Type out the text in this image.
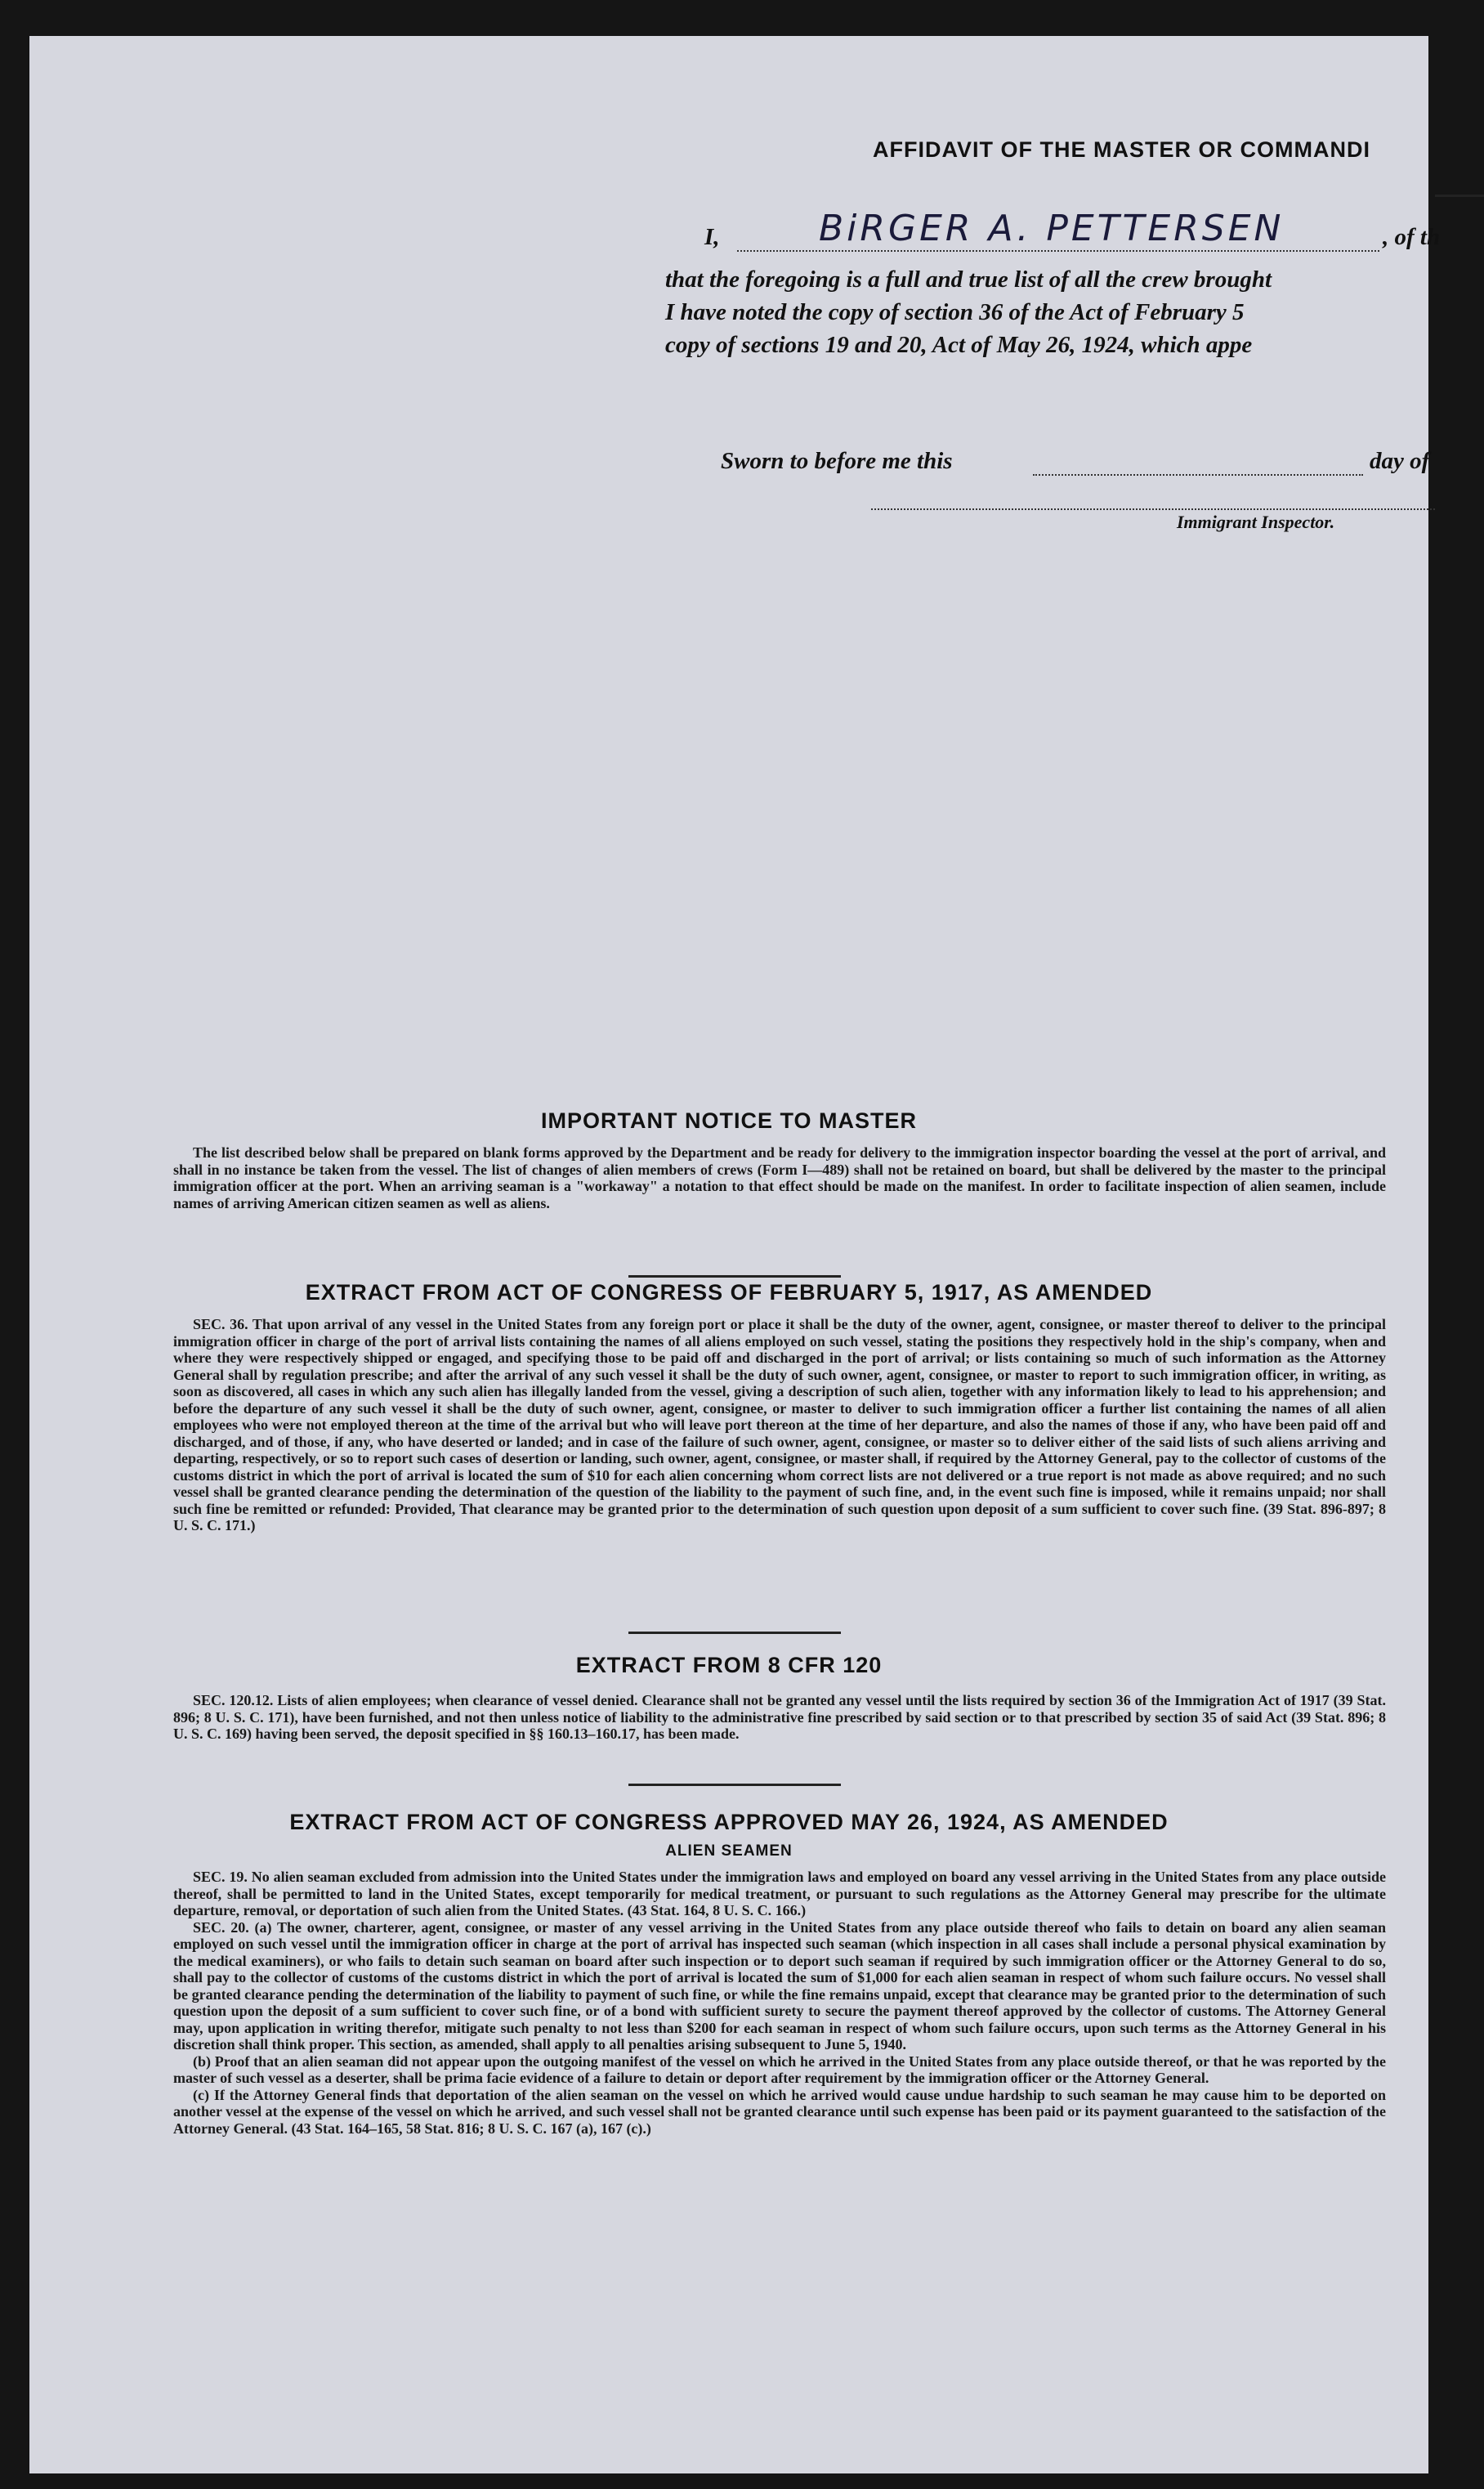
AFFIDAVIT OF THE MASTER OR COMMANDI
I,	BiRGER A. PETTERSEN	, of th
that the foregoing is a full and true list of all the crew brought
I have noted the copy of section 36 of the Act of February 5
copy of sections 19 and 20, Act of May 26, 1924, which appe
Sworn to before me this	day of
Immigrant Inspector.
IMPORTANT NOTICE TO MASTER

The list described below shall be prepared on blank forms approved by the Department and be ready for delivery to the immigration inspector boarding the vessel at the port of arrival, and shall in no instance be taken from the vessel. The list of changes of alien members of crews (Form I—489) shall not be retained on board, but shall be delivered by the master to the principal immigration officer at the port. When an arriving seaman is a "workaway" a notation to that effect should be made on the manifest. In order to facilitate inspection of alien seamen, include names of arriving American citizen seamen as well as aliens.

EXTRACT FROM ACT OF CONGRESS OF FEBRUARY 5, 1917, AS AMENDED

SEC. 36. That upon arrival of any vessel in the United States from any foreign port or place it shall be the duty of the owner, agent, consignee, or master thereof to deliver to the principal immigration officer in charge of the port of arrival lists containing the names of all aliens employed on such vessel, stating the positions they respectively hold in the ship's company, when and where they were respectively shipped or engaged, and specifying those to be paid off and discharged in the port of arrival; or lists containing so much of such information as the Attorney General shall by regulation prescribe; and after the arrival of any such vessel it shall be the duty of such owner, agent, consignee, or master to report to such immigration officer, in writing, as soon as discovered, all cases in which any such alien has illegally landed from the vessel, giving a description of such alien, together with any information likely to lead to his apprehension; and before the departure of any such vessel it shall be the duty of such owner, agent, consignee, or master to deliver to such immigration officer a further list containing the names of all alien employees who were not employed thereon at the time of the arrival but who will leave port thereon at the time of her departure, and also the names of those if any, who have been paid off and discharged, and of those, if any, who have deserted or landed; and in case of the failure of such owner, agent, consignee, or master so to deliver either of the said lists of such aliens arriving and departing, respectively, or so to report such cases of desertion or landing, such owner, agent, consignee, or master shall, if required by the Attorney General, pay to the collector of customs of the customs district in which the port of arrival is located the sum of $10 for each alien concerning whom correct lists are not delivered or a true report is not made as above required; and no such vessel shall be granted clearance pending the determination of the question of the liability to the payment of such fine, and, in the event such fine is imposed, while it remains unpaid; nor shall such fine be remitted or refunded: Provided, That clearance may be granted prior to the determination of such question upon deposit of a sum sufficient to cover such fine. (39 Stat. 896-897; 8 U. S. C. 171.)

EXTRACT FROM 8 CFR 120

SEC. 120.12. Lists of alien employees; when clearance of vessel denied. Clearance shall not be granted any vessel until the lists required by section 36 of the Immigration Act of 1917 (39 Stat. 896; 8 U. S. C. 171), have been furnished, and not then unless notice of liability to the administrative fine prescribed by said section or to that prescribed by section 35 of said Act (39 Stat. 896; 8 U. S. C. 169) having been served, the deposit specified in §§ 160.13–160.17, has been made.

EXTRACT FROM ACT OF CONGRESS APPROVED MAY 26, 1924, AS AMENDED
ALIEN SEAMEN

SEC. 19. No alien seaman excluded from admission into the United States under the immigration laws and employed on board any vessel arriving in the United States from any place outside thereof, shall be permitted to land in the United States, except temporarily for medical treatment, or pursuant to such regulations as the Attorney General may prescribe for the ultimate departure, removal, or deportation of such alien from the United States. (43 Stat. 164, 8 U. S. C. 166.)

SEC. 20. (a) The owner, charterer, agent, consignee, or master of any vessel arriving in the United States from any place outside thereof who fails to detain on board any alien seaman employed on such vessel until the immigration officer in charge at the port of arrival has inspected such seaman (which inspection in all cases shall include a personal physical examination by the medical examiners), or who fails to detain such seaman on board after such inspection or to deport such seaman if required by such immigration officer or the Attorney General to do so, shall pay to the collector of customs of the customs district in which the port of arrival is located the sum of $1,000 for each alien seaman in respect of whom such failure occurs. No vessel shall be granted clearance pending the determination of the liability to payment of such fine, or while the fine remains unpaid, except that clearance may be granted prior to the determination of such question upon the deposit of a sum sufficient to cover such fine, or of a bond with sufficient surety to secure the payment thereof approved by the collector of customs. The Attorney General may, upon application in writing therefor, mitigate such penalty to not less than $200 for each seaman in respect of whom such failure occurs, upon such terms as the Attorney General in his discretion shall think proper. This section, as amended, shall apply to all penalties arising subsequent to June 5, 1940.

(b) Proof that an alien seaman did not appear upon the outgoing manifest of the vessel on which he arrived in the United States from any place outside thereof, or that he was reported by the master of such vessel as a deserter, shall be prima facie evidence of a failure to detain or deport after requirement by the immigration officer or the Attorney General.

(c) If the Attorney General finds that deportation of the alien seaman on the vessel on which he arrived would cause undue hardship to such seaman he may cause him to be deported on another vessel at the expense of the vessel on which he arrived, and such vessel shall not be granted clearance until such expense has been paid or its payment guaranteed to the satisfaction of the Attorney General. (43 Stat. 164–165, 58 Stat. 816; 8 U. S. C. 167 (a), 167 (c).)
